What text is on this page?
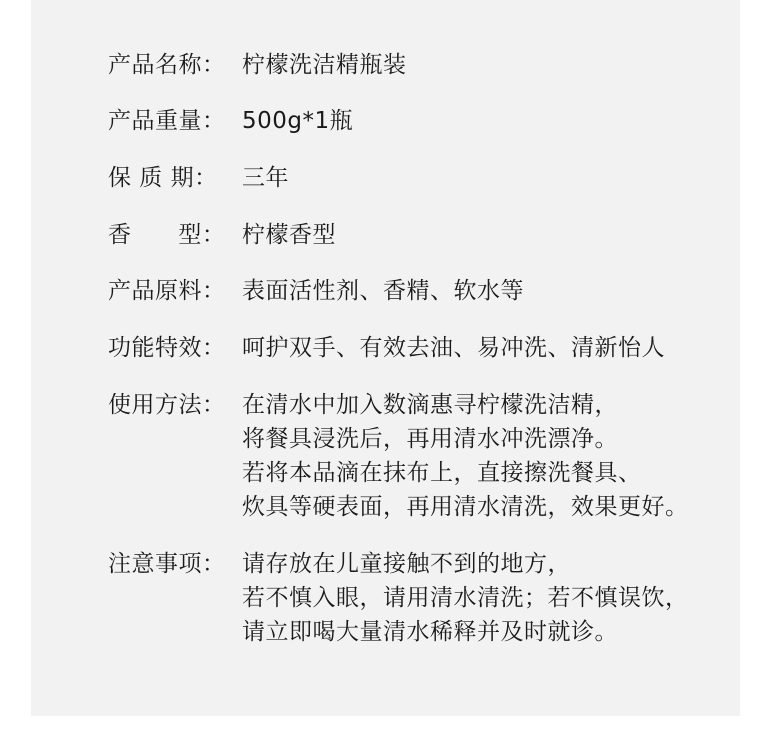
产品名称： 柠檬洗洁精瓶装
产品重量： 500g*1瓶
保 质 期：	三年
香      型： 柠檬香型
产品原料： 表面活性剂、香精、软水等
功能特效： 呵护双手、有效去油、易冲洗、清新怡人
使用方法： 在清水中加入数滴惠寻柠檬洗洁精，
将餐具浸洗后，再用清水冲洗漂净。
若将本品滴在抹布上，直接擦洗餐具、
炊具等硬表面，再用清水清洗，效果更好。
注意事项： 请存放在儿童接触不到的地方，
若不慎入眼，请用清水清洗；若不慎误饮，
请立即喝大量清水稀释并及时就诊。
